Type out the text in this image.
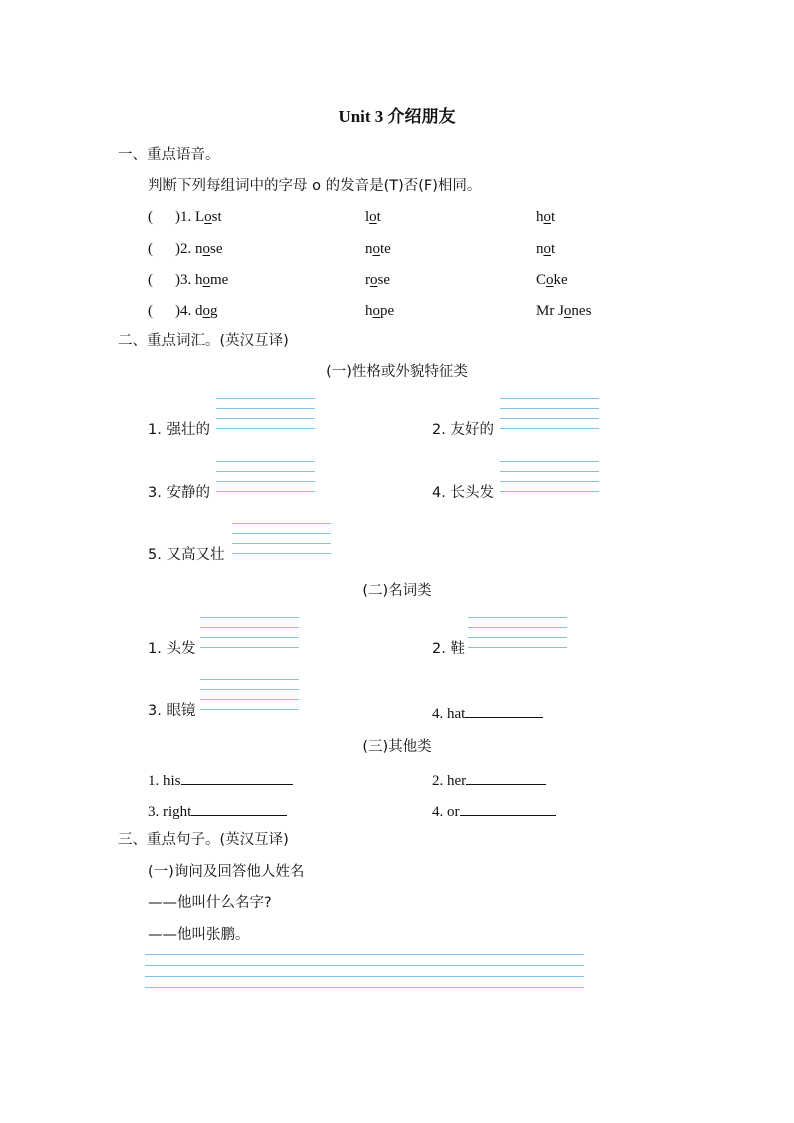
Unit 3 介绍朋友
一、重点语音。
判断下列每组词中的字母 o 的发音是(T)否(F)相同。
( )1. Lost	lot	hot
( )2. nose	note	not
( )3. home	rose	Coke
( )4. dog	hope	Mr Jones
二、重点词汇。(英汉互译)
(一)性格或外貌特征类
1. 强壮的	2. 友好的
3. 安静的	4. 长头发
5. 又高又壮
(二)名词类
1. 头发	2. 鞋
3. 眼镜	4. hat
(三)其他类
1. his	2. her
3. right	4. or
三、重点句子。(英汉互译)
(一)询问及回答他人姓名
——他叫什么名字?
——他叫张鹏。
